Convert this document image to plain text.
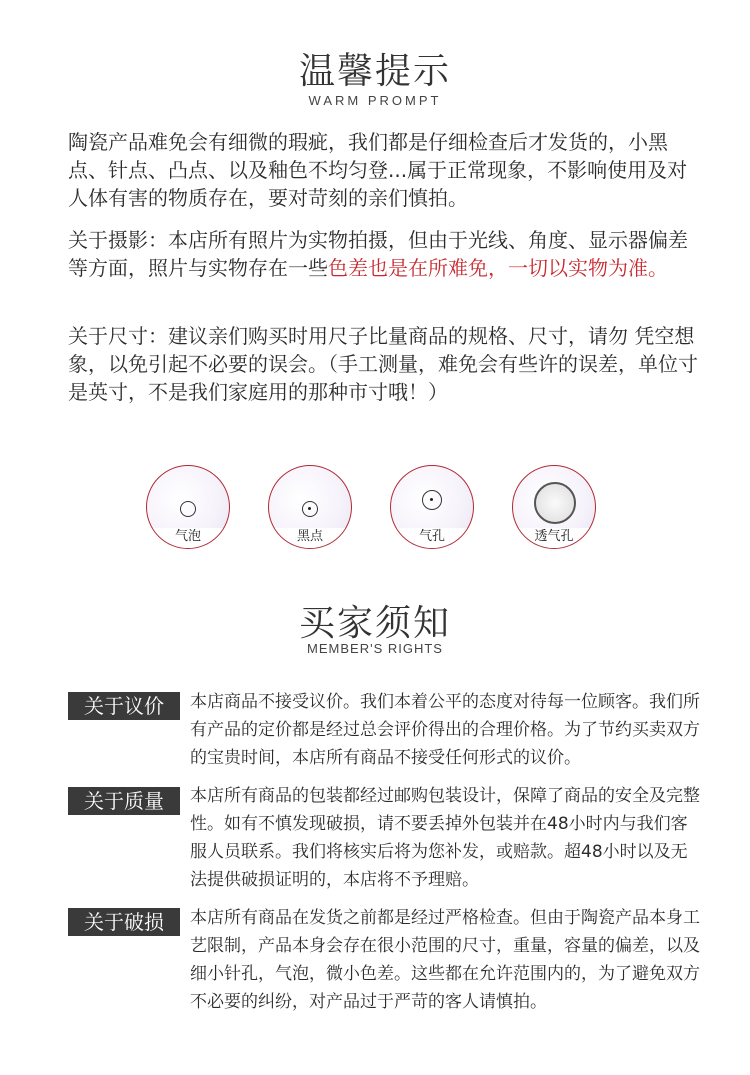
温馨提示
WARM PROMPT
陶瓷产品难免会有细微的瑕疵，我们都是仔细检查后才发货的，小黑点、针点、凸点、以及釉色不均匀登...属于正常现象，不影响使用及对人体有害的物质存在，要对苛刻的亲们慎拍。
关于摄影：本店所有照片为实物拍摄，但由于光线、角度、显示器偏差等方面，照片与实物存在一些色差也是在所难免，一切以实物为准。
关于尺寸：建议亲们购买时用尺子比量商品的规格、尺寸，请勿 凭空想象，以免引起不必要的误会。（手工测量，难免会有些许的误差，单位寸是英寸，不是我们家庭用的那种市寸哦！）
气泡	黑点	气孔	透气孔
买家须知
MEMBER'S RIGHTS
关于议价	本店商品不接受议价。我们本着公平的态度对待每一位顾客。我们所有产品的定价都是经过总会评价得出的合理价格。为了节约买卖双方的宝贵时间，本店所有商品不接受任何形式的议价。
关于质量	本店所有商品的包装都经过邮购包装设计，保障了商品的安全及完整性。如有不慎发现破损，请不要丢掉外包装并在48小时内与我们客服人员联系。我们将核实后将为您补发，或赔款。超48小时以及无法提供破损证明的，本店将不予理赔。
关于破损	本店所有商品在发货之前都是经过严格检查。但由于陶瓷产品本身工艺限制，产品本身会存在很小范围的尺寸，重量，容量的偏差，以及细小针孔，气泡，微小色差。这些都在允许范围内的，为了避免双方不必要的纠纷，对产品过于严苛的客人请慎拍。
